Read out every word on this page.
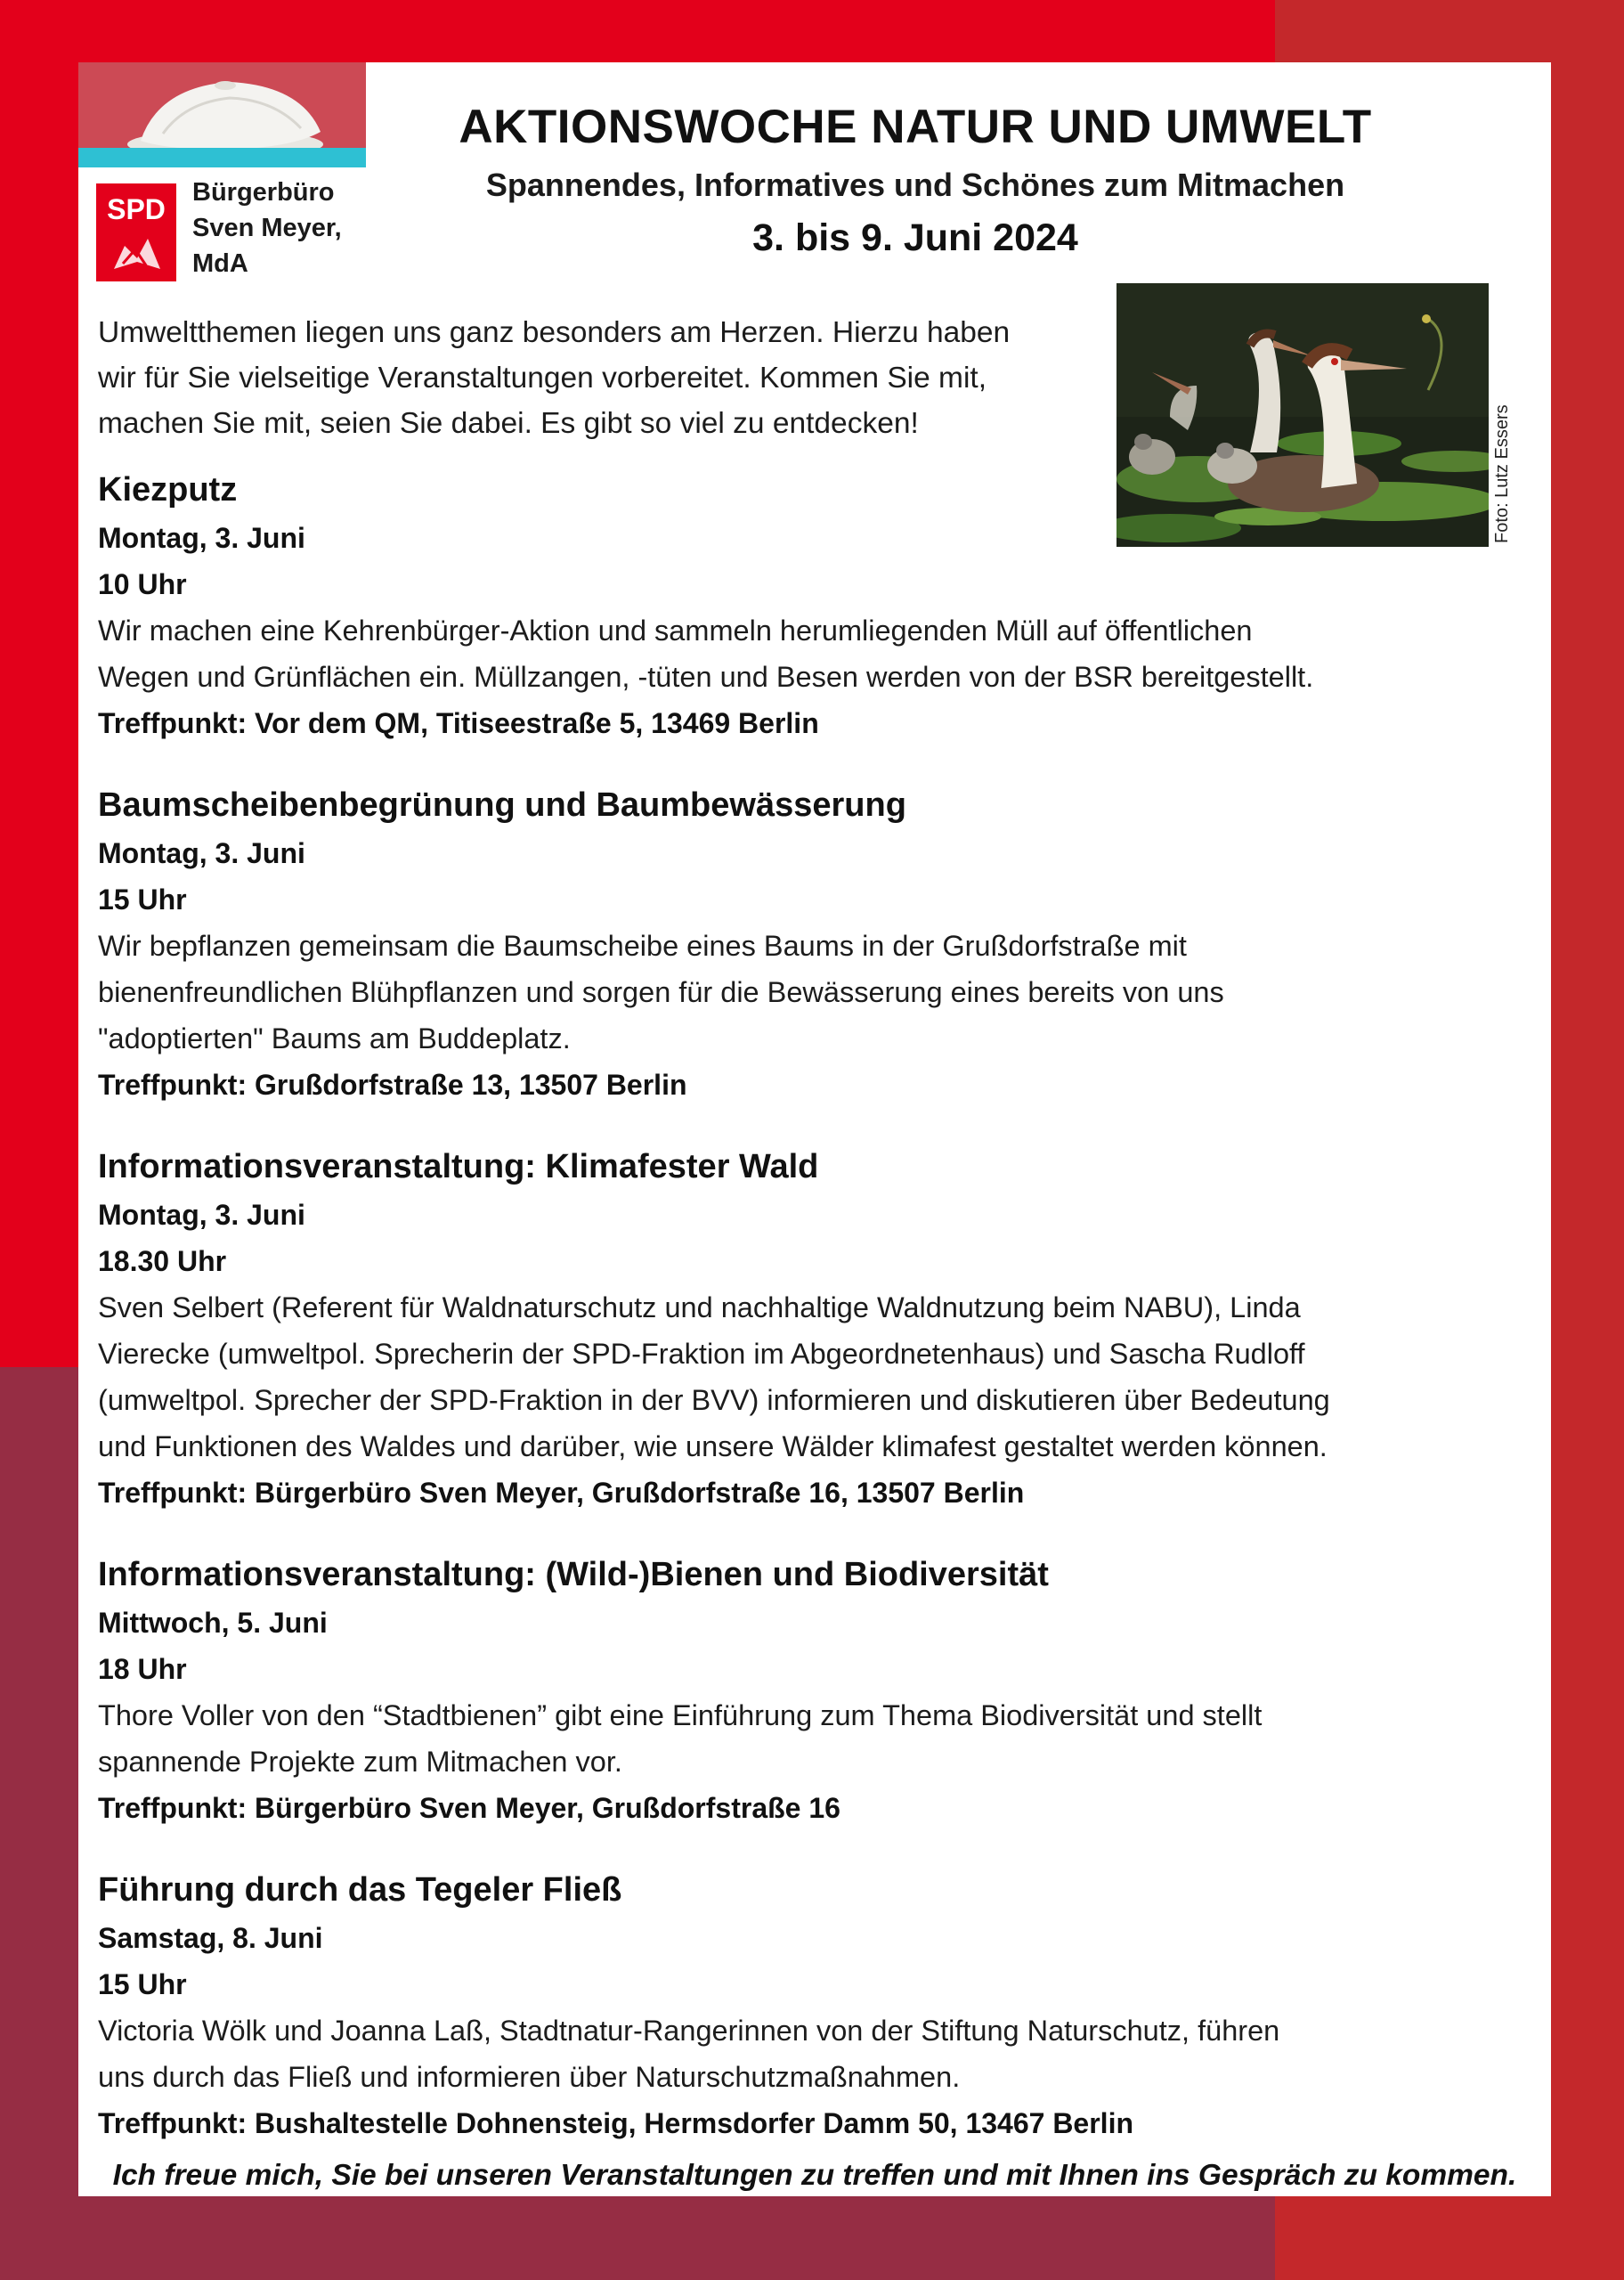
SPD
Bürgerbüro
Sven Meyer,
MdA
AKTIONSWOCHE NATUR UND UMWELT
Spannendes, Informatives und Schönes zum Mitmachen
3. bis 9. Juni 2024
Umweltthemen liegen uns ganz besonders am Herzen. Hierzu haben
wir für Sie vielseitige Veranstaltungen vorbereitet. Kommen Sie mit,
machen Sie mit, seien Sie dabei. Es gibt so viel zu entdecken!	Foto: Lutz Essers
Kiezputz
Montag, 3. Juni
10 Uhr
Wir machen eine Kehrenbürger-Aktion und sammeln herumliegenden Müll auf öffentlichen
Wegen und Grünflächen ein. Müllzangen, -tüten und Besen werden von der BSR bereitgestellt.
Treffpunkt: Vor dem QM, Titiseestraße 5, 13469 Berlin
Baumscheibenbegrünung und Baumbewässerung
Montag, 3. Juni
15 Uhr
Wir bepflanzen gemeinsam die Baumscheibe eines Baums in der Grußdorfstraße mit
bienenfreundlichen Blühpflanzen und sorgen für die Bewässerung eines bereits von uns
"adoptierten" Baums am Buddeplatz.
Treffpunkt: Grußdorfstraße 13, 13507 Berlin
Informationsveranstaltung: Klimafester Wald
Montag, 3. Juni
18.30 Uhr
Sven Selbert (Referent für Waldnaturschutz und nachhaltige Waldnutzung beim NABU), Linda
Vierecke (umweltpol. Sprecherin der SPD-Fraktion im Abgeordnetenhaus) und Sascha Rudloff
(umweltpol. Sprecher der SPD-Fraktion in der BVV) informieren und diskutieren über Bedeutung
und Funktionen des Waldes und darüber, wie unsere Wälder klimafest gestaltet werden können.
Treffpunkt: Bürgerbüro Sven Meyer, Grußdorfstraße 16, 13507 Berlin
Informationsveranstaltung: (Wild-)Bienen und Biodiversität
Mittwoch, 5. Juni
18 Uhr
Thore Voller von den “Stadtbienen” gibt eine Einführung zum Thema Biodiversität und stellt
spannende Projekte zum Mitmachen vor.
Treffpunkt: Bürgerbüro Sven Meyer, Grußdorfstraße 16
Führung durch das Tegeler Fließ
Samstag, 8. Juni
15 Uhr
Victoria Wölk und Joanna Laß, Stadtnatur-Rangerinnen von der Stiftung Naturschutz, führen
uns durch das Fließ und informieren über Naturschutzmaßnahmen.
Treffpunkt: Bushaltestelle Dohnensteig, Hermsdorfer Damm 50, 13467 Berlin
Ich freue mich, Sie bei unseren Veranstaltungen zu treffen und mit Ihnen ins Gespräch zu kommen.
